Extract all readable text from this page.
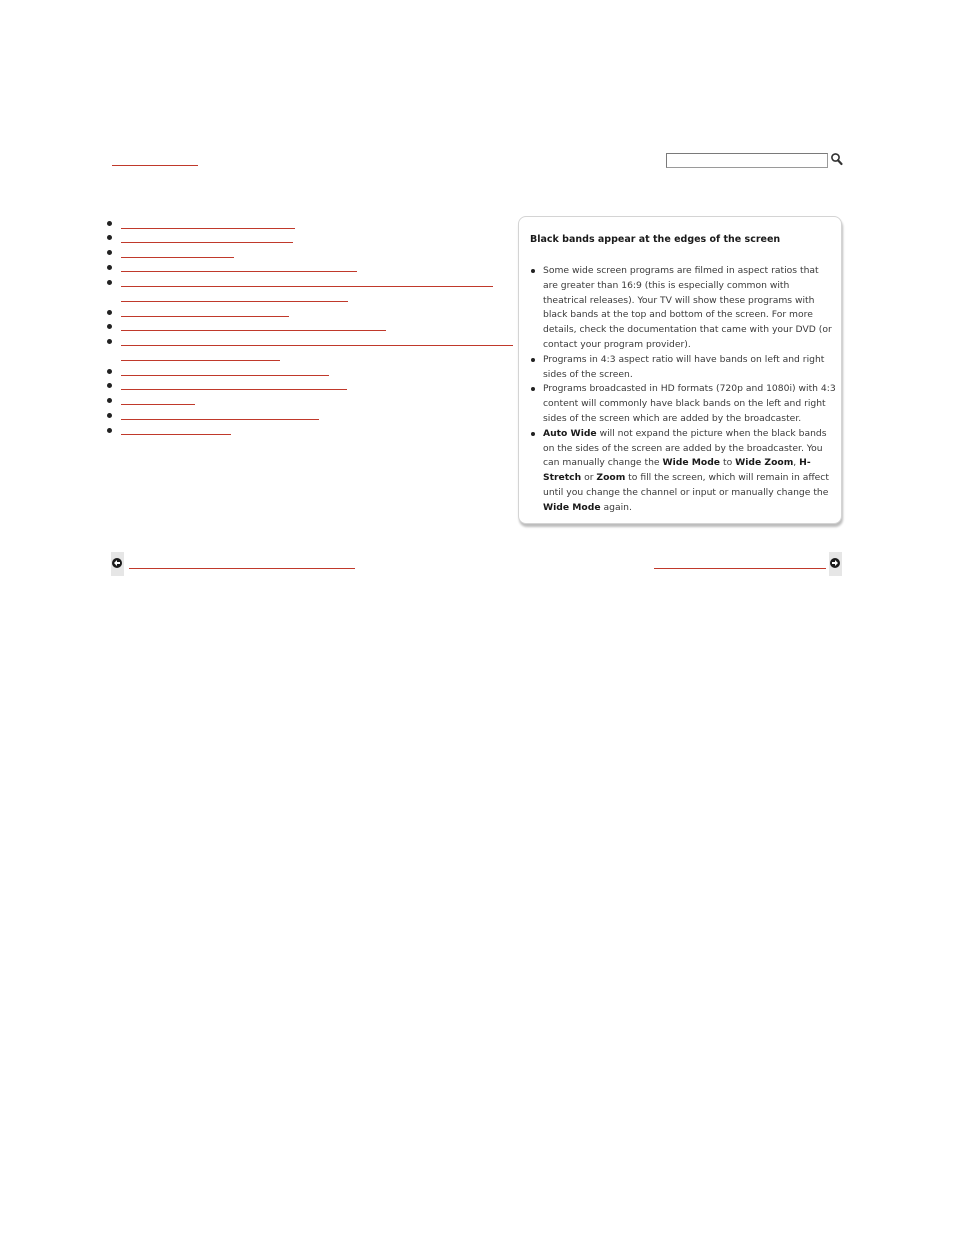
Black bands appear at the edges of the screen
Some wide screen programs are filmed in aspect ratios that are greater than 16:9 (this is especially common with theatrical releases). Your TV will show these programs with black bands at the top and bottom of the screen. For more details, check the documentation that came with your DVD (or contact your program provider).
Programs in 4:3 aspect ratio will have bands on left and right sides of the screen.
Programs broadcasted in HD formats (720p and 1080i) with 4:3 content will commonly have black bands on the left and right sides of the screen which are added by the broadcaster.
Auto Wide will not expand the picture when the black bands on the sides of the screen are added by the broadcaster. You can manually change the Wide Mode to Wide Zoom, H-Stretch or Zoom to fill the screen, which will remain in affect until you change the channel or input or manually change the Wide Mode again.
